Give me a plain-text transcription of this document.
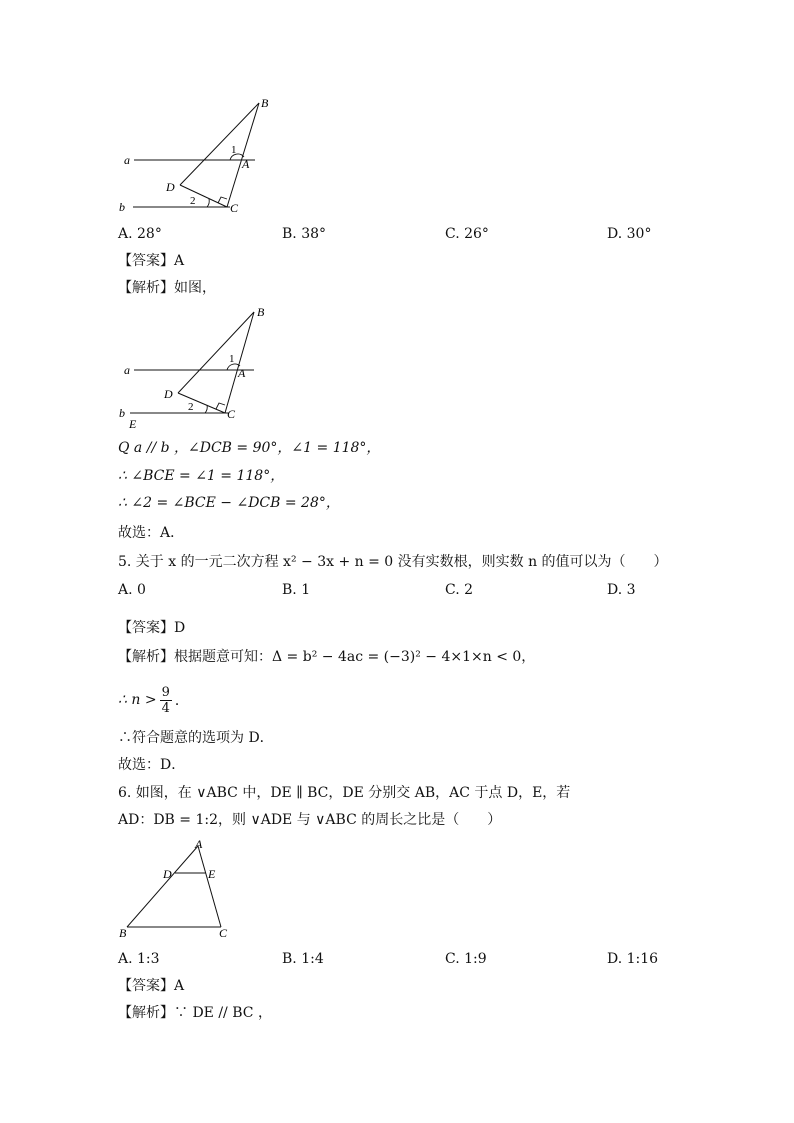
B
a
1
A
D
2
b	C
A. 28°	B. 38°	C. 26°	D. 30°
【答案】A
【解析】如图，
B
a
1
A
D
2
b
E
C
Q a // b ，∠DCB = 90°，∠1 = 118°，
∴ ∠BCE = ∠1 = 118°，
∴ ∠2 = ∠BCE − ∠DCB = 28°，
故选：A．
5. 关于 x 的一元二次方程 x² − 3x + n = 0 没有实数根，则实数 n 的值可以为（　　）
A. 0	B. 1	C. 2	D. 3
【答案】D
【解析】根据题意可知：Δ = b² − 4ac = (−3)² − 4×1×n < 0，
∴ $n > \frac{9}{4}$ ．
∴符合题意的选项为 D．
故选：D．
6. 如图，在 ∨ABC 中，DE ∥ BC，DE 分别交 AB，AC 于点 D，E，若
AD：DB = 1:2，则 ∨ADE 与 ∨ABC 的周长之比是（　　）
A
D	E
B	C
A. 1:3	B. 1:4	C. 1:9	D. 1:16
【答案】A
【解析】∵ DE // BC ，
